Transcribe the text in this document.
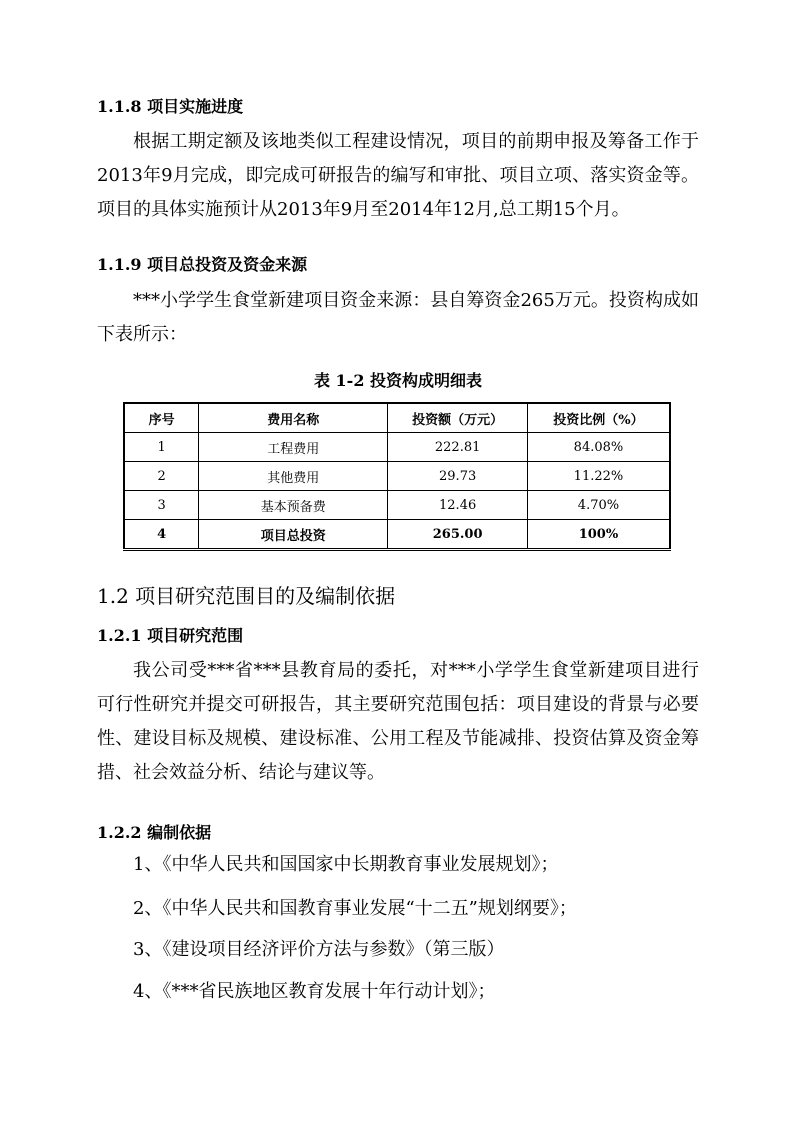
1.1.8 项目实施进度
根据工期定额及该地类似工程建设情况，项目的前期申报及筹备工作于2013年9月完成，即完成可研报告的编写和审批、项目立项、落实资金等。项目的具体实施预计从2013年9月至2014年12月,总工期15个月。
1.1.9 项目总投资及资金来源
***小学学生食堂新建项目资金来源：县自筹资金265万元。投资构成如下表所示：
表 1-2 投资构成明细表
序号	费用名称	投资额（万元）	投资比例（%）
1	工程费用	222.81	84.08%
2	其他费用	29.73	11.22%
3	基本预备费	12.46	4.70%
4	项目总投资	265.00	100%
1.2 项目研究范围目的及编制依据
1.2.1 项目研究范围
我公司受***省***县教育局的委托，对***小学学生食堂新建项目进行可行性研究并提交可研报告，其主要研究范围包括：项目建设的背景与必要性、建设目标及规模、建设标准、公用工程及节能减排、投资估算及资金筹措、社会效益分析、结论与建议等。
1.2.2 编制依据
1、《中华人民共和国国家中长期教育事业发展规划》；
2、《中华人民共和国教育事业发展“十二五”规划纲要》；
3、《建设项目经济评价方法与参数》（第三版）
4、《***省民族地区教育发展十年行动计划》；
